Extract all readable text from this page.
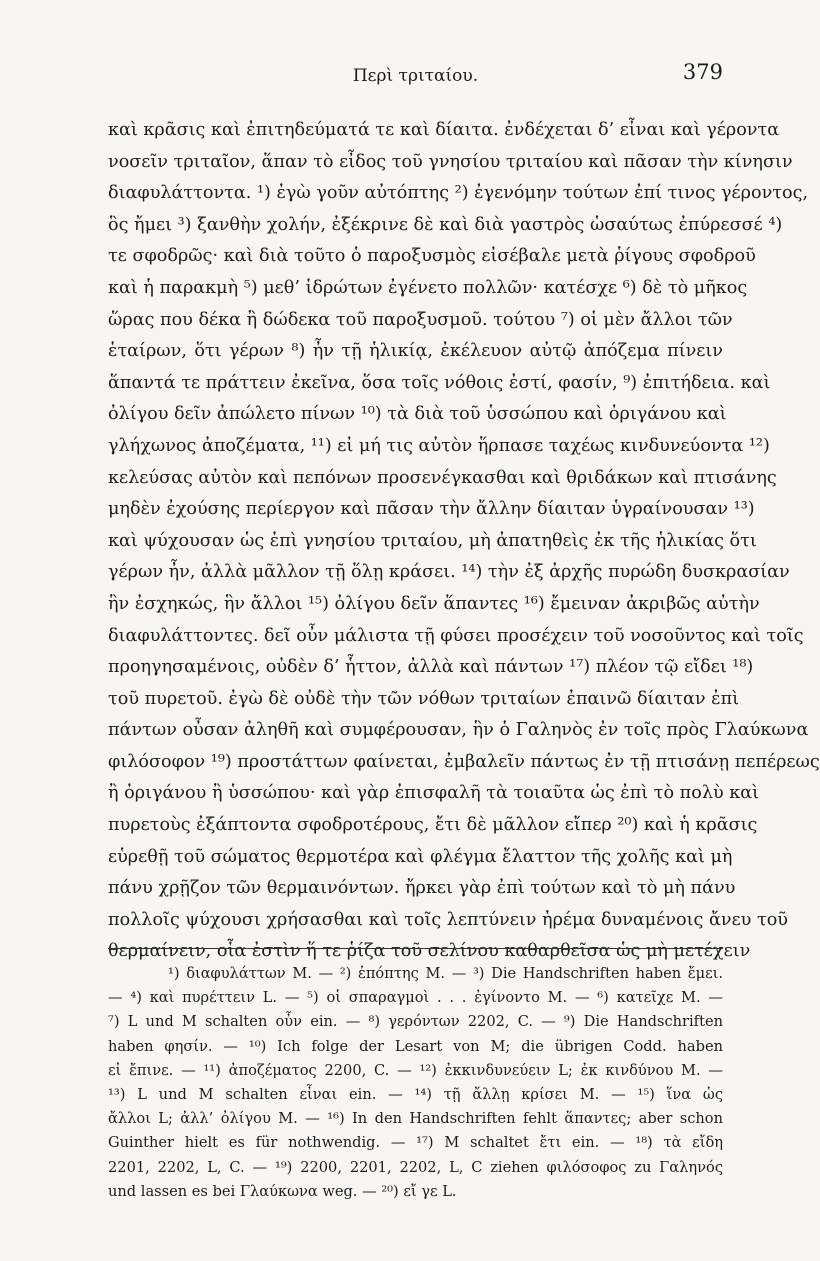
Περὶ τριταίου.	379
καὶ κρᾶσις καὶ ἐπιτηδεύματά τε καὶ δίαιτα. ἐνδέχεται δ’ εἶναι καὶ γέροντα
νοσεῖν τριταῖον, ἅπαν τὸ εἶδος τοῦ γνησίου τριταίου καὶ πᾶσαν τὴν κίνησιν
διαφυλάττοντα. ¹) ἐγὼ γοῦν αὐτόπτης ²) ἐγενόμην τούτων ἐπί τινος γέροντος,
ὃς ἤμει ³) ξανθὴν χολήν, ἐξέκρινε δὲ καὶ διὰ γαστρὸς ὡσαύτως ἐπύρεσσέ ⁴)
τε σφοδρῶς· καὶ διὰ τοῦτο ὁ παροξυσμὸς εἰσέβαλε μετὰ ῥίγους σφοδροῦ
καὶ ἡ παρακμὴ ⁵) μεθ’ ἱδρώτων ἐγένετο πολλῶν· κατέσχε ⁶) δὲ τὸ μῆκος
ὥρας που δέκα ἢ δώδεκα τοῦ παροξυσμοῦ. τούτου ⁷) οἱ μὲν ἄλλοι τῶν
ἑταίρων, ὅτι γέρων ⁸) ἦν τῇ ἡλικίᾳ, ἐκέλευον αὐτῷ ἀπόζεμα πίνειν
ἅπαντά τε πράττειν ἐκεῖνα, ὅσα τοῖς νόθοις ἐστί, φασίν, ⁹) ἐπιτήδεια. καὶ
ὀλίγου δεῖν ἀπώλετο πίνων ¹⁰) τὰ διὰ τοῦ ὑσσώπου καὶ ὀριγάνου καὶ
γλήχωνος ἀποζέματα, ¹¹) εἰ μή τις αὐτὸν ἥρπασε ταχέως κινδυνεύοντα ¹²)
κελεύσας αὐτὸν καὶ πεπόνων προσενέγκασθαι καὶ θριδάκων καὶ πτισάνης
μηδὲν ἐχούσης περίεργον καὶ πᾶσαν τὴν ἄλλην δίαιταν ὑγραίνουσαν ¹³)
καὶ ψύχουσαν ὡς ἐπὶ γνησίου τριταίου, μὴ ἀπατηθεὶς ἐκ τῆς ἡλικίας ὅτι
γέρων ἦν, ἀλλὰ μᾶλλον τῇ ὅλῃ κράσει. ¹⁴) τὴν ἐξ ἀρχῆς πυρώδη δυσκρασίαν
ἣν ἐσχηκώς, ἣν ἄλλοι ¹⁵) ὀλίγου δεῖν ἅπαντες ¹⁶) ἔμειναν ἀκριβῶς αὐτὴν
διαφυλάττοντες. δεῖ οὖν μάλιστα τῇ φύσει προσέχειν τοῦ νοσοῦντος καὶ τοῖς
προηγησαμένοις, οὐδὲν δ’ ἧττον, ἀλλὰ καὶ πάντων ¹⁷) πλέον τῷ εἴδει ¹⁸)
τοῦ πυρετοῦ. ἐγὼ δὲ οὐδὲ τὴν τῶν νόθων τριταίων ἐπαινῶ δίαιταν ἐπὶ
πάντων οὖσαν ἀληθῆ καὶ συμφέρουσαν, ἣν ὁ Γαληνὸς ἐν τοῖς πρὸς Γλαύκωνα
φιλόσοφον ¹⁹) προστάττων φαίνεται, ἐμβαλεῖν πάντως ἐν τῇ πτισάνῃ πεπέρεως
ἢ ὀριγάνου ἢ ὑσσώπου· καὶ γὰρ ἐπισφαλῆ τὰ τοιαῦτα ὡς ἐπὶ τὸ πολὺ καὶ
πυρετοὺς ἐξάπτοντα σφοδροτέρους, ἔτι δὲ μᾶλλον εἴπερ ²⁰) καὶ ἡ κρᾶσις
εὑρεθῇ τοῦ σώματος θερμοτέρα καὶ φλέγμα ἔλαττον τῆς χολῆς καὶ μὴ
πάνυ χρῇζον τῶν θερμαινόντων. ἤρκει γὰρ ἐπὶ τούτων καὶ τὸ μὴ πάνυ
πολλοῖς ψύχουσι χρήσασθαι καὶ τοῖς λεπτύνειν ἠρέμα δυναμένοις ἄνευ τοῦ
θερμαίνειν, οἷα ἐστὶν ἥ τε ῥίζα τοῦ σελίνου καθαρθεῖσα ὡς μὴ μετέχειν
¹) διαφυλάττων M. — ²) ἐπόπτης M. — ³) Die Handschriften haben ἔμει.
— ⁴) καὶ πυρέττειν L. — ⁵) οἱ σπαραγμοὶ . . . ἐγίνοντο M. — ⁶) κατεῖχε M. —
⁷) L und M schalten οὖν ein. — ⁸) γερόντων 2202, C. — ⁹) Die Handschriften
haben φησίν. — ¹⁰) Ich folge der Lesart von M; die übrigen Codd. haben
εἰ ἔπινε. — ¹¹) ἀποζέματος 2200, C. — ¹²) ἐκκινδυνεύειν L; ἐκ κινδύνου M. —
¹³) L und M schalten εἶναι ein. — ¹⁴) τῇ ἄλλῃ κρίσει M. — ¹⁵) ἵνα ὡς
ἄλλοι L; ἀλλ’ ὀλίγου M. — ¹⁶) In den Handschriften fehlt ἅπαντες; aber schon
Guinther hielt es für nothwendig. — ¹⁷) M schaltet ἔτι ein. — ¹⁸) τὰ εἴδη
2201, 2202, L, C. — ¹⁹) 2200, 2201, 2202, L, C ziehen φιλόσοφος zu Γαληνός
und lassen es bei Γλαύκωνα weg. — ²⁰) εἴ γε L.
